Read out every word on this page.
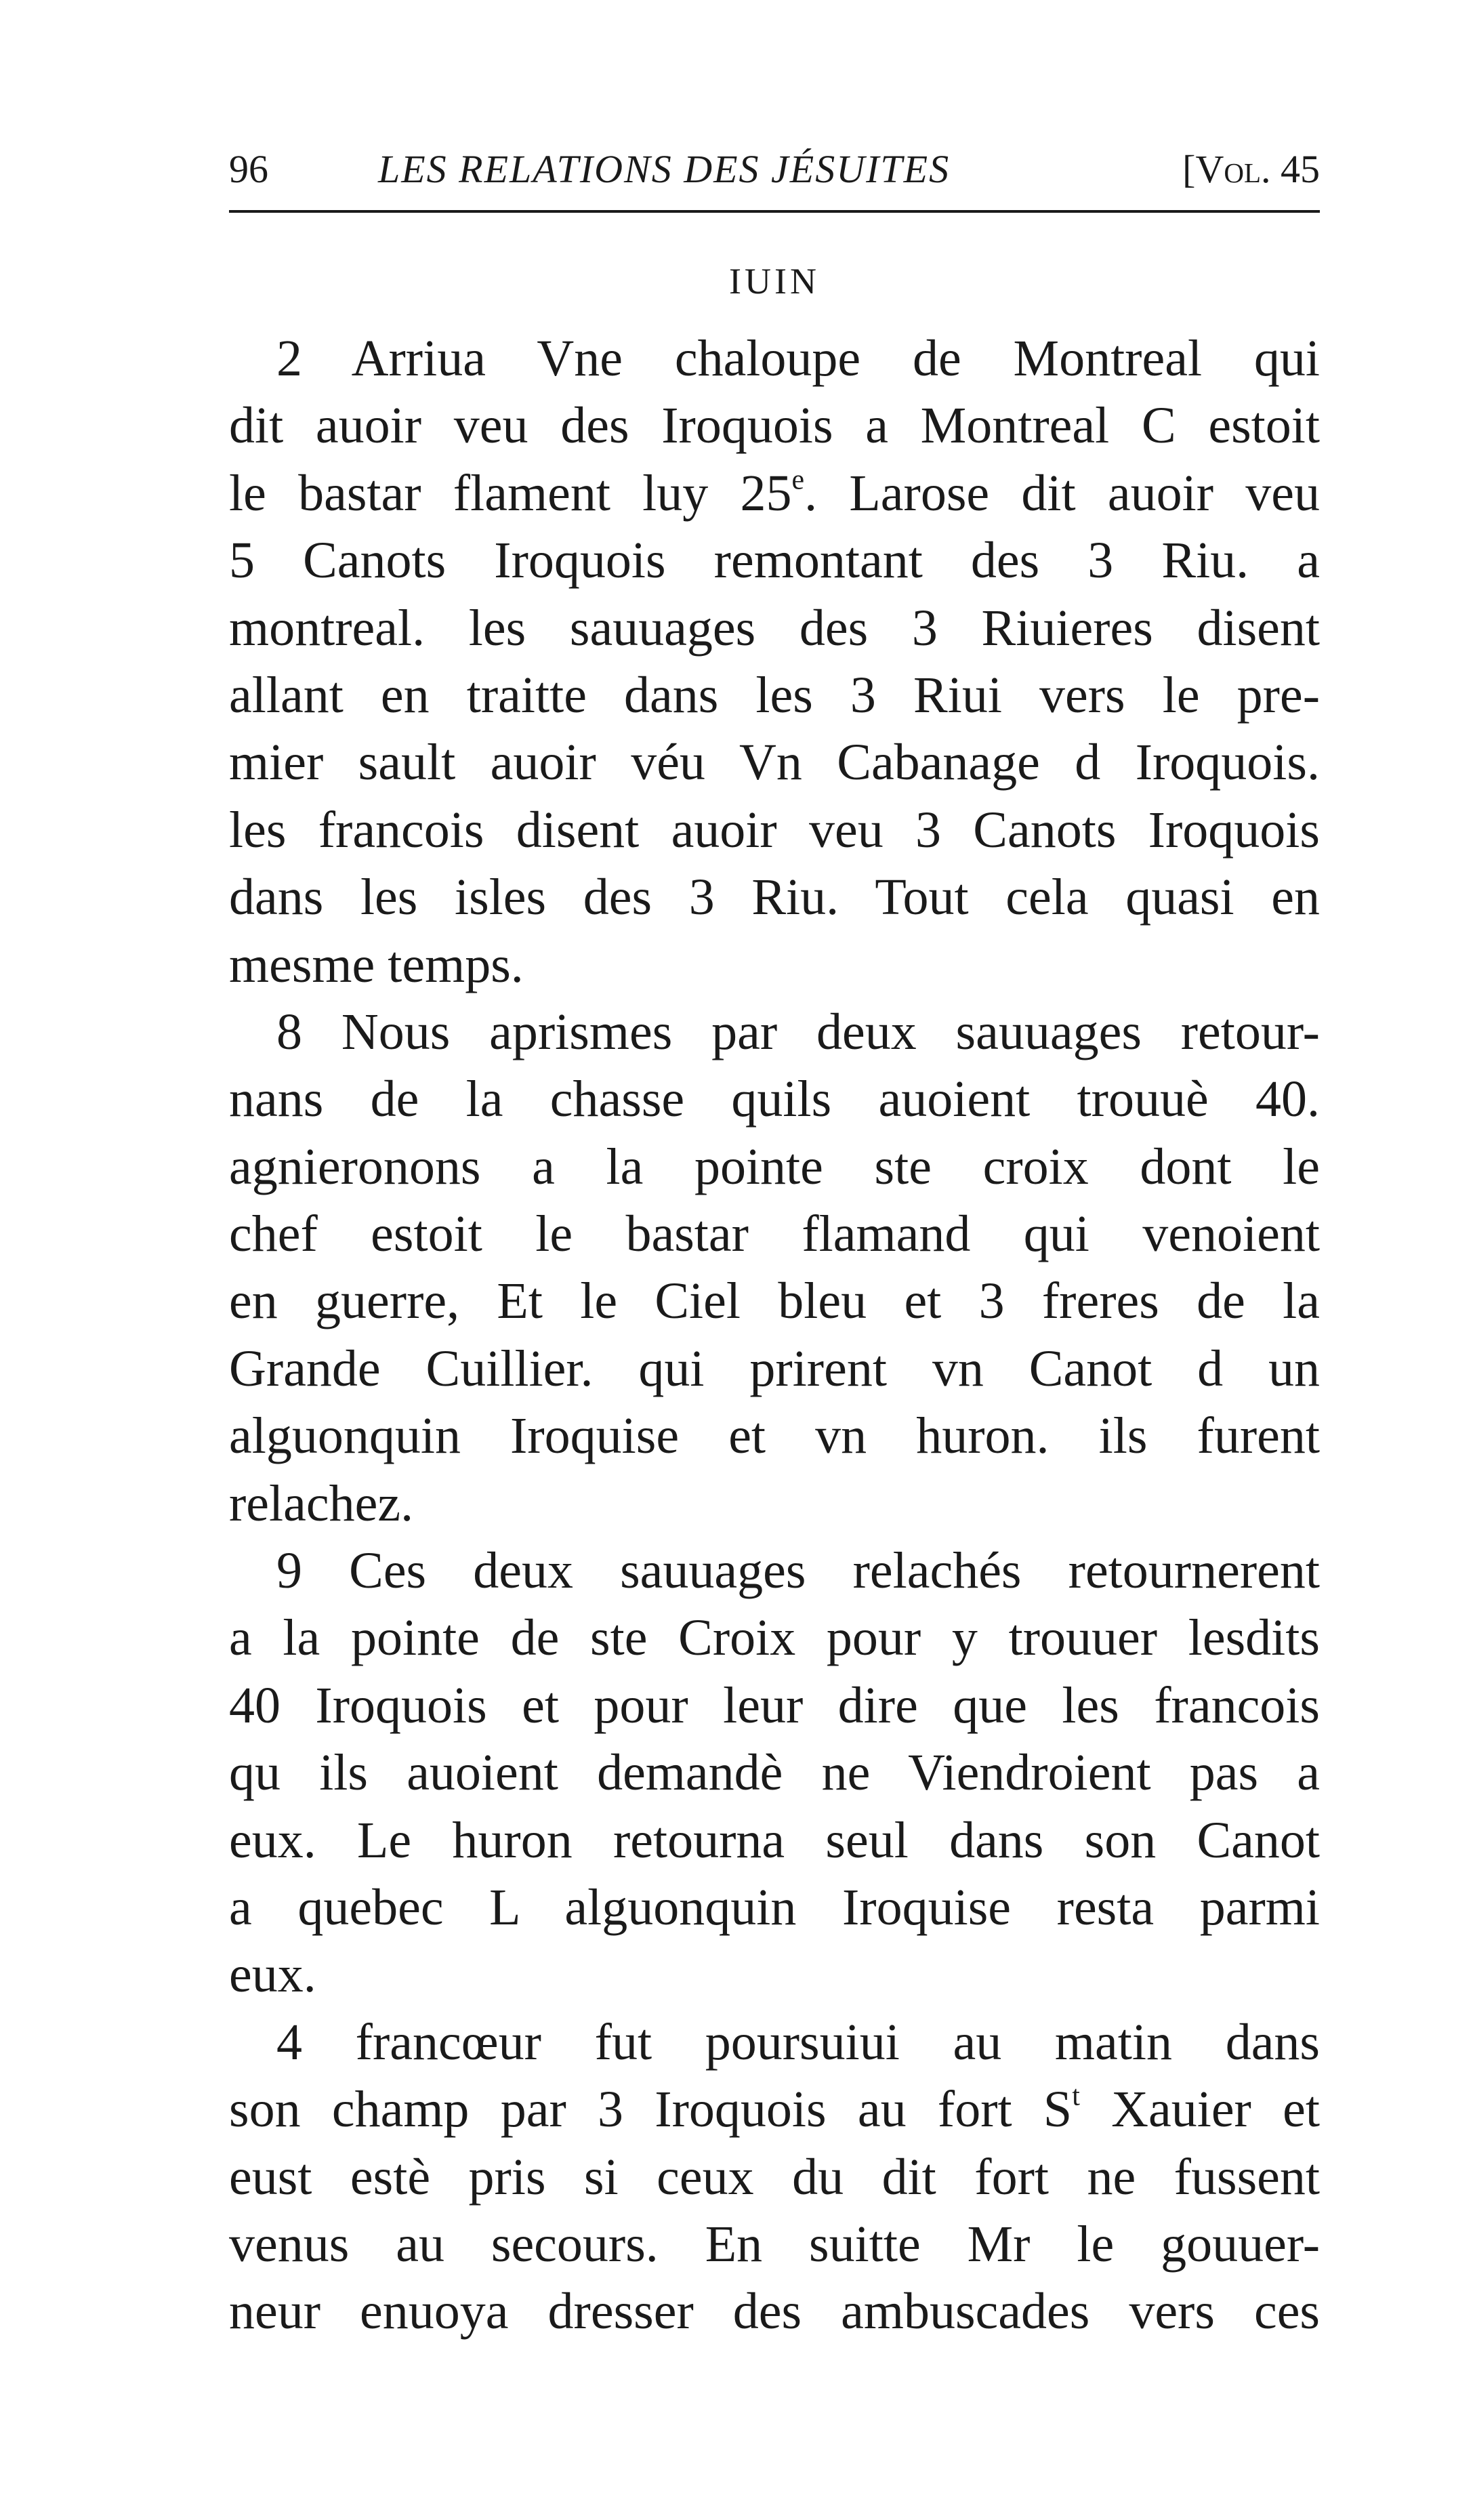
96	LES RELATIONS DES JÉSUITES	[Vol. 45
IUIN
2 Arriua Vne chaloupe de Montreal qui
dit auoir veu des Iroquois a Montreal C estoit
le bastar flament luy 25e. Larose dit auoir veu
5 Canots Iroquois remontant des 3 Riu. a
montreal. les sauuages des 3 Riuieres disent
allant en traitte dans les 3 Riui vers le pre-
mier sault auoir véu Vn Cabanage d Iroquois.
les francois disent auoir veu 3 Canots Iroquois
dans les isles des 3 Riu. Tout cela quasi en
mesme temps.
8 Nous aprismes par deux sauuages retour-
nans de la chasse quils auoient trouuè 40.
agnieronons a la pointe ste croix dont le
chef estoit le bastar flamand qui venoient
en guerre, Et le Ciel bleu et 3 freres de la
Grande Cuillier. qui prirent vn Canot d un
alguonquin Iroquise et vn huron. ils furent
relachez.
9 Ces deux sauuages relachés retournerent
a la pointe de ste Croix pour y trouuer lesdits
40 Iroquois et pour leur dire que les francois
qu ils auoient demandè ne Viendroient pas a
eux. Le huron retourna seul dans son Canot
a quebec L alguonquin Iroquise resta parmi
eux.
4 francœur fut poursuiui au matin dans
son champ par 3 Iroquois au fort $S^t$ Xauier et
eust estè pris si ceux du dit fort ne fussent
venus au secours. En suitte Mr le gouuer-
neur enuoya dresser des ambuscades vers ces
